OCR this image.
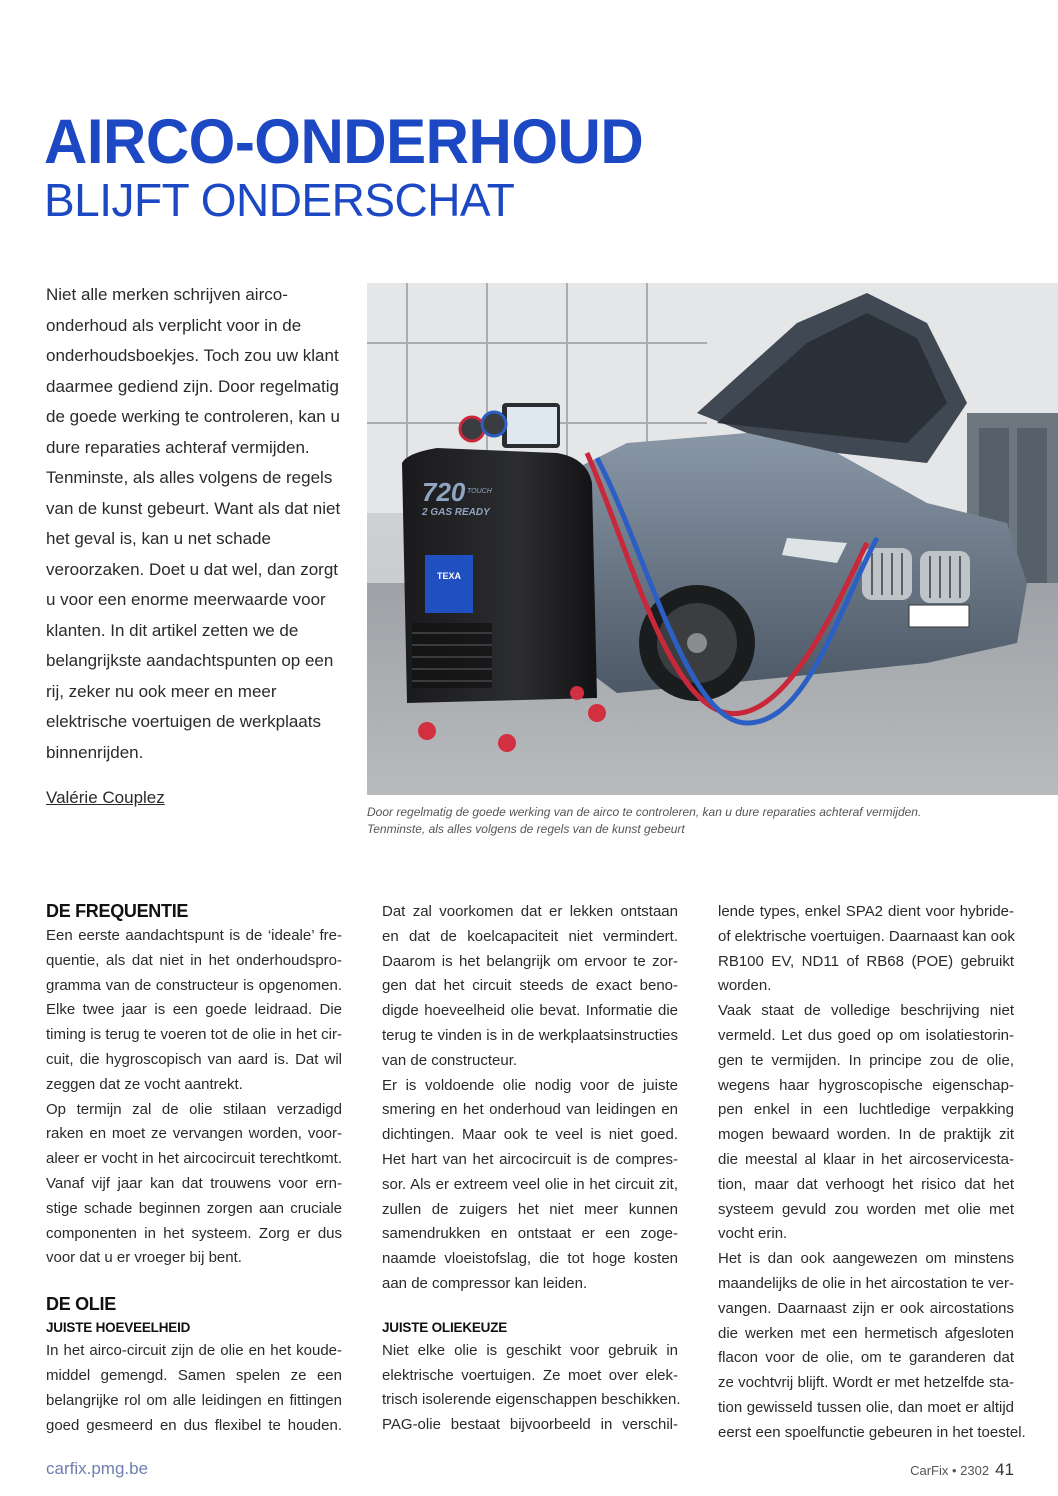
AIRCO-ONDERHOUD
BLIJFT ONDERSCHAT
Niet alle merken schrijven airco-
onderhoud als verplicht voor in de
onderhoudsboekjes. Toch zou uw klant
daarmee gediend zijn. Door regelmatig
de goede werking te controleren, kan u
dure reparaties achteraf vermijden.
Tenminste, als alles volgens de regels
van de kunst gebeurt. Want als dat niet
het geval is, kan u net schade
veroorzaken. Doet u dat wel, dan zorgt
u voor een enorme meerwaarde voor
klanten. In dit artikel zetten we de
belangrijkste aandachtspunten op een
rij, zeker nu ook meer en meer
elektrische voertuigen de werkplaats
binnenrijden.
Valérie Couplez
TEXA
720 TOUCH
2 GAS READY
Door regelmatig de goede werking van de airco te controleren, kan u dure reparaties achteraf vermijden.
Tenminste, als alles volgens de regels van de kunst gebeurt
DE FREQUENTIE
Een eerste aandachtspunt is de ‘ideale’ fre-
quentie, als dat niet in het onderhoudspro-
gramma van de constructeur is opgenomen.
Elke twee jaar is een goede leidraad. Die
timing is terug te voeren tot de olie in het cir-
cuit, die hygroscopisch van aard is. Dat wil
zeggen dat ze vocht aantrekt.
Op termijn zal de olie stilaan verzadigd
raken en moet ze vervangen worden, voor-
aleer er vocht in het aircocircuit terechtkomt.
Vanaf vijf jaar kan dat trouwens voor ern-
stige schade beginnen zorgen aan cruciale
componenten in het systeem. Zorg er dus
voor dat u er vroeger bij bent.
DE OLIE
JUISTE HOEVEELHEID
In het airco-circuit zijn de olie en het koude-
middel gemengd. Samen spelen ze een
belangrijke rol om alle leidingen en fittingen
goed gesmeerd en dus flexibel te houden.
Dat zal voorkomen dat er lekken ontstaan
en dat de koelcapaciteit niet vermindert.
Daarom is het belangrijk om ervoor te zor-
gen dat het circuit steeds de exact beno-
digde hoeveelheid olie bevat. Informatie die
terug te vinden is in de werkplaatsinstructies
van de constructeur.
Er is voldoende olie nodig voor de juiste
smering en het onderhoud van leidingen en
dichtingen. Maar ook te veel is niet goed.
Het hart van het aircocircuit is de compres-
sor. Als er extreem veel olie in het circuit zit,
zullen de zuigers het niet meer kunnen
samendrukken en ontstaat er een zoge-
naamde vloeistofslag, die tot hoge kosten
aan de compressor kan leiden.
JUISTE OLIEKEUZE
Niet elke olie is geschikt voor gebruik in
elektrische voertuigen. Ze moet over elek-
trisch isolerende eigenschappen beschikken.
PAG-olie bestaat bijvoorbeeld in verschil-
lende types, enkel SPA2 dient voor hybride-
of elektrische voertuigen. Daarnaast kan ook
RB100 EV, ND11 of RB68 (POE) gebruikt
worden.
Vaak staat de volledige beschrijving niet
vermeld. Let dus goed op om isolatiestorin-
gen te vermijden. In principe zou de olie,
wegens haar hygroscopische eigenschap-
pen enkel in een luchtledige verpakking
mogen bewaard worden. In de praktijk zit
die meestal al klaar in het aircoservicesta-
tion, maar dat verhoogt het risico dat het
systeem gevuld zou worden met olie met
vocht erin.
Het is dan ook aangewezen om minstens
maandelijks de olie in het aircostation te ver-
vangen. Daarnaast zijn er ook aircostations
die werken met een hermetisch afgesloten
flacon voor de olie, om te garanderen dat
ze vochtvrij blijft. Wordt er met hetzelfde sta-
tion gewisseld tussen olie, dan moet er altijd
eerst een spoelfunctie gebeuren in het toestel.
carfix.pmg.be	CarFix • 2302 41
